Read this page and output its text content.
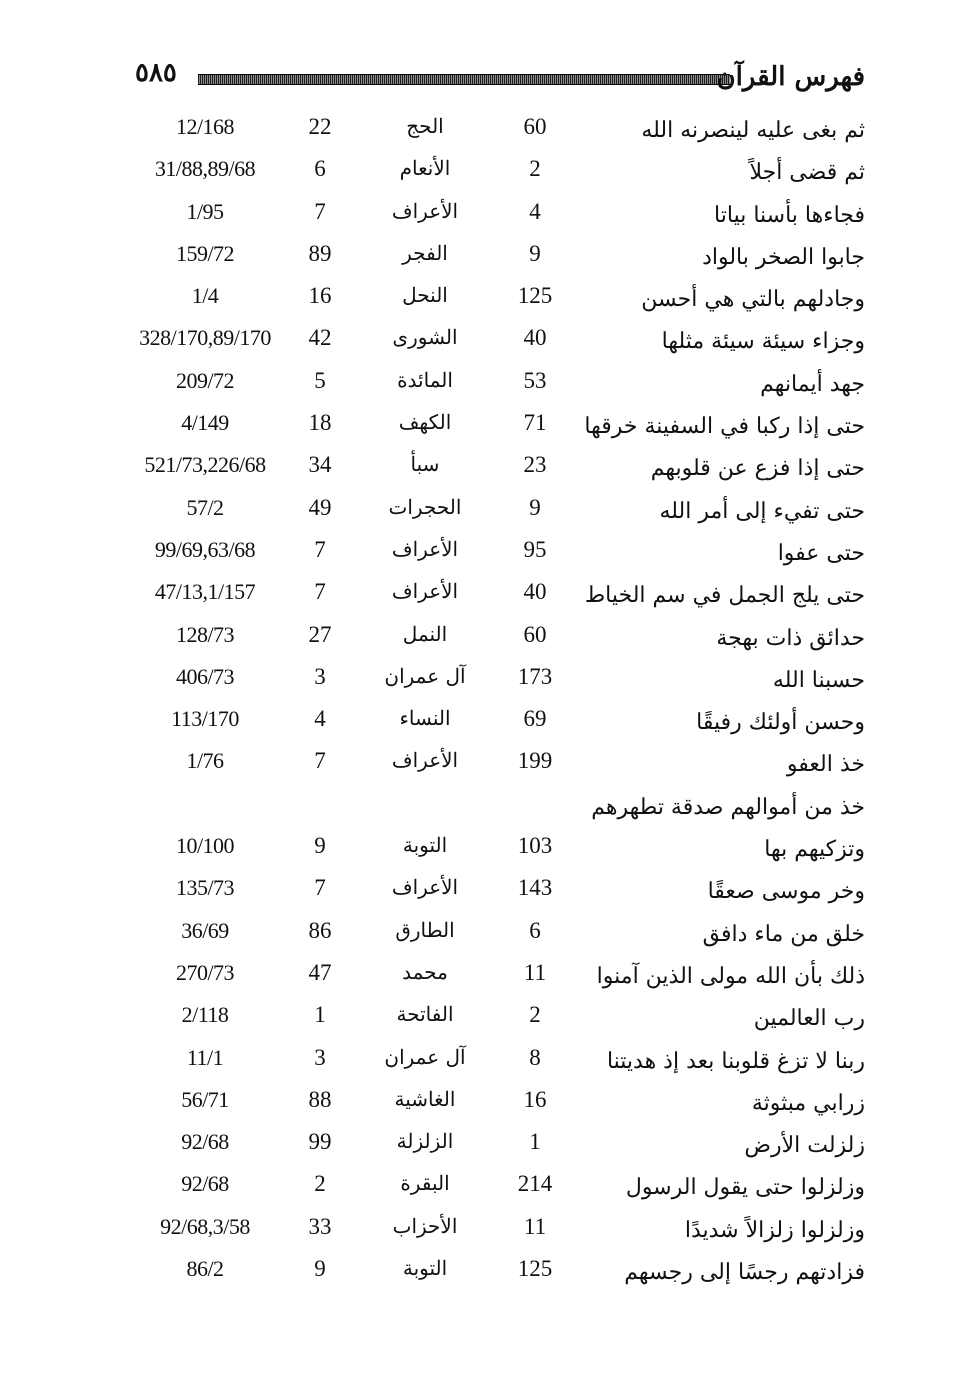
٥٨٥	فهرس القرآن
ثم بغى عليه لينصرنه الله
60
الحج
22
12/168
ثم قضى أجلاً
2
الأنعام
6
31/88,89/68
فجاءها بأسنا بياتا
4
الأعراف
7
1/95
جابوا الصخر بالواد
9
الفجر
89
159/72
وجادلهم بالتي هي أحسن
125
النحل
16
1/4
وجزاء سيئة سيئة مثلها
40
الشورى
42
328/170,89/170
جهد أيمانهم
53
المائدة
5
209/72
حتى إذا ركبا في السفينة خرقها
71
الكهف
18
4/149
حتى إذا فزع عن قلوبهم
23
سبأ
34
521/73,226/68
حتى تفيء إلى أمر الله
9
الحجرات
49
57/2
حتى عفوا
95
الأعراف
7
99/69,63/68
حتى يلج الجمل في سم الخياط
40
الأعراف
7
47/13,1/157
حدائق ذات بهجة
60
النمل
27
128/73
حسبنا الله
173
آل عمران
3
406/73
وحسن أولئك رفيقًا
69
النساء
4
113/170
خذ العفو
199
الأعراف
7
1/76
خذ من أموالهم صدقة تطهرهم
وتزكيهم بها
103
التوبة
9
10/100
وخر موسى صعقًا
143
الأعراف
7
135/73
خلق من ماء دافق
6
الطارق
86
36/69
ذلك بأن الله مولى الذين آمنوا
11
محمد
47
270/73
رب العالمين
2
الفاتحة
1
2/118
ربنا لا تزغ قلوبنا بعد إذ هديتنا
8
آل عمران
3
11/1
زرابي مبثوثة
16
الغاشية
88
56/71
زلزلت الأرض
1
الزلزلة
99
92/68
وزلزلوا حتى يقول الرسول
214
البقرة
2
92/68
وزلزلوا زلزالاً شديدًا
11
الأحزاب
33
92/68,3/58
فزادتهم رجسًا إلى رجسهم
125
التوبة
9
86/2
